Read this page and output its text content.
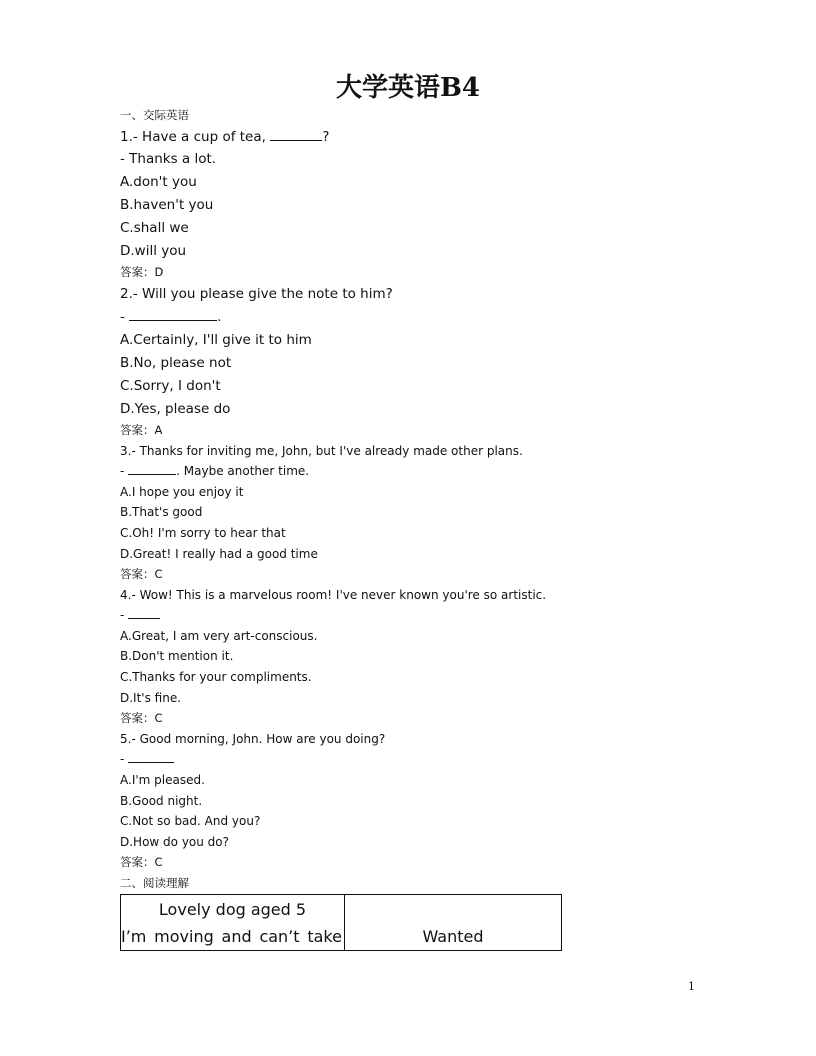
大学英语B4
一、交际英语
1.- Have a cup of tea,	?
- Thanks a lot.
A.don't you
B.haven't you
C.shall we
D.will you
答案：D
2.- Will you please give the note to him?
-	.
A.Certainly, I'll give it to him
B.No, please not
C.Sorry, I don't
D.Yes, please do
答案：A
3.- Thanks for inviting me, John, but I've already made other plans.
-	. Maybe another time.
A.I hope you enjoy it
B.That's good
C.Oh! I'm sorry to hear that
D.Great! I really had a good time
答案：C
4.- Wow! This is a marvelous room! I've never known you're so artistic.
-
A.Great, I am very art-conscious.
B.Don't mention it.
C.Thanks for your compliments.
D.It's fine.
答案：C
5.- Good morning, John. How are you doing?
-
A.I'm pleased.
B.Good night.
C.Not so bad. And you?
D.How do you do?
答案：C
二、阅读理解
Lovely dog aged 5
I’m moving and can’t take	Wanted
1
